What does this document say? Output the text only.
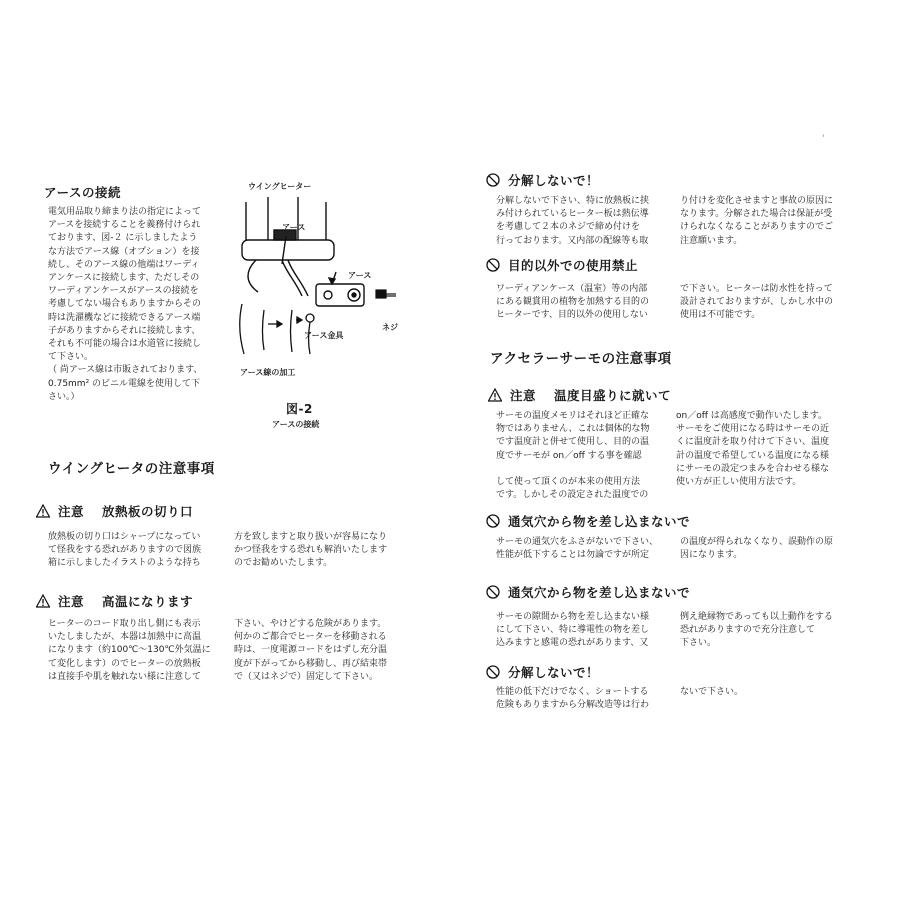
アースの接続
電気用品取り締まり法の指定によって
アースを接続することを義務付けられ
ております、図-２ に示しましたよう
な方法でアース線（オプション）を接
続し、そのアース線の他端はワーディ
アンケースに接続します、ただしその
ワーディアンケースがアースの接続を
考慮してない場合もありますからその
時は洗濯機などに接続できるアース端
子がありますからそれに接続します、
それも不可能の場合は水道管に接続し
て下さい。
（ 尚アース線は市販されております、
0.75mm² のビニル電線を使用して下
さい。）
ウイングヒーター
アース
アース
アース金具
ネジ
アース線の加工
図-2
アースの接続
ウイングヒータの注意事項
注意 放熱板の切り口
放熱板の切り口はシャープになってい
て怪我をする恐れがありますので図族
箱に示しましたイラストのような持ち
方を致しますと取り扱いが容易になり
かつ怪我をする恐れも解消いたします
のでお勧めいたします。
注意 高温になります
ヒーターのコード取り出し側にも表示
いたしましたが、本器は加熱中に高温
になります（約100℃～130℃外気温に
て変化します）のでヒーターの放熱板
は直接手や肌を触れない様に注意して
下さい、やけどする危険があります。
何かのご都合でヒーターを移動される
時は、一度電源コードをはずし充分温
度が下がってから移動し、再び結束帯
で（又はネジで）固定して下さい。
'
分解しないで！
分解しないで下さい、特に放熱板に挟
み付けられているヒーター板は熱伝導
を考慮して２本のネジで締め付けを
行っております。又内部の配線等も取
り付けを変化させますと事故の原因に
なります。分解された場合は保証が受
けられなくなることがありますのでご
注意願います。
目的以外での使用禁止
ワーディアンケース（温室）等の内部
にある観賞用の植物を加熱する目的の
ヒーターです、目的以外の使用しない
で下さい。ヒーターは防水性を持って
設計されておりますが、しかし水中の
使用は不可能です。
アクセラーサーモの注意事項
注意 温度目盛りに就いて
サーモの温度メモリはそれほど正確な
物ではありません、これは個体的な物
です温度計と併せて使用し、目的の温
度でサーモが on／off する事を確認

して使って頂くのが本来の使用方法
です。しかしその設定された温度での
on／off は高感度で動作いたします。
サーモをご使用になる時はサーモの近
くに温度計を取り付けて下さい、温度
計の温度で希望している温度になる様
にサーモの設定つまみを合わせる様な
使い方が正しい使用方法です。
通気穴から物を差し込まないで
サーモの通気穴をふさがないで下さい、
性能が低下することは勿論ですが所定
の温度が得られなくなり、誤動作の原
因になります。
通気穴から物を差し込まないで
サーモの隙間から物を差し込まない様
にして下さい、特に導電性の物を差し
込みますと感電の恐れがあります、又
例え絶縁物であっても以上動作をする
恐れがありますので充分注意して
下さい。
分解しないで！
性能の低下だけでなく、ショートする
危険もありますから分解改造等は行わ
ないで下さい。
